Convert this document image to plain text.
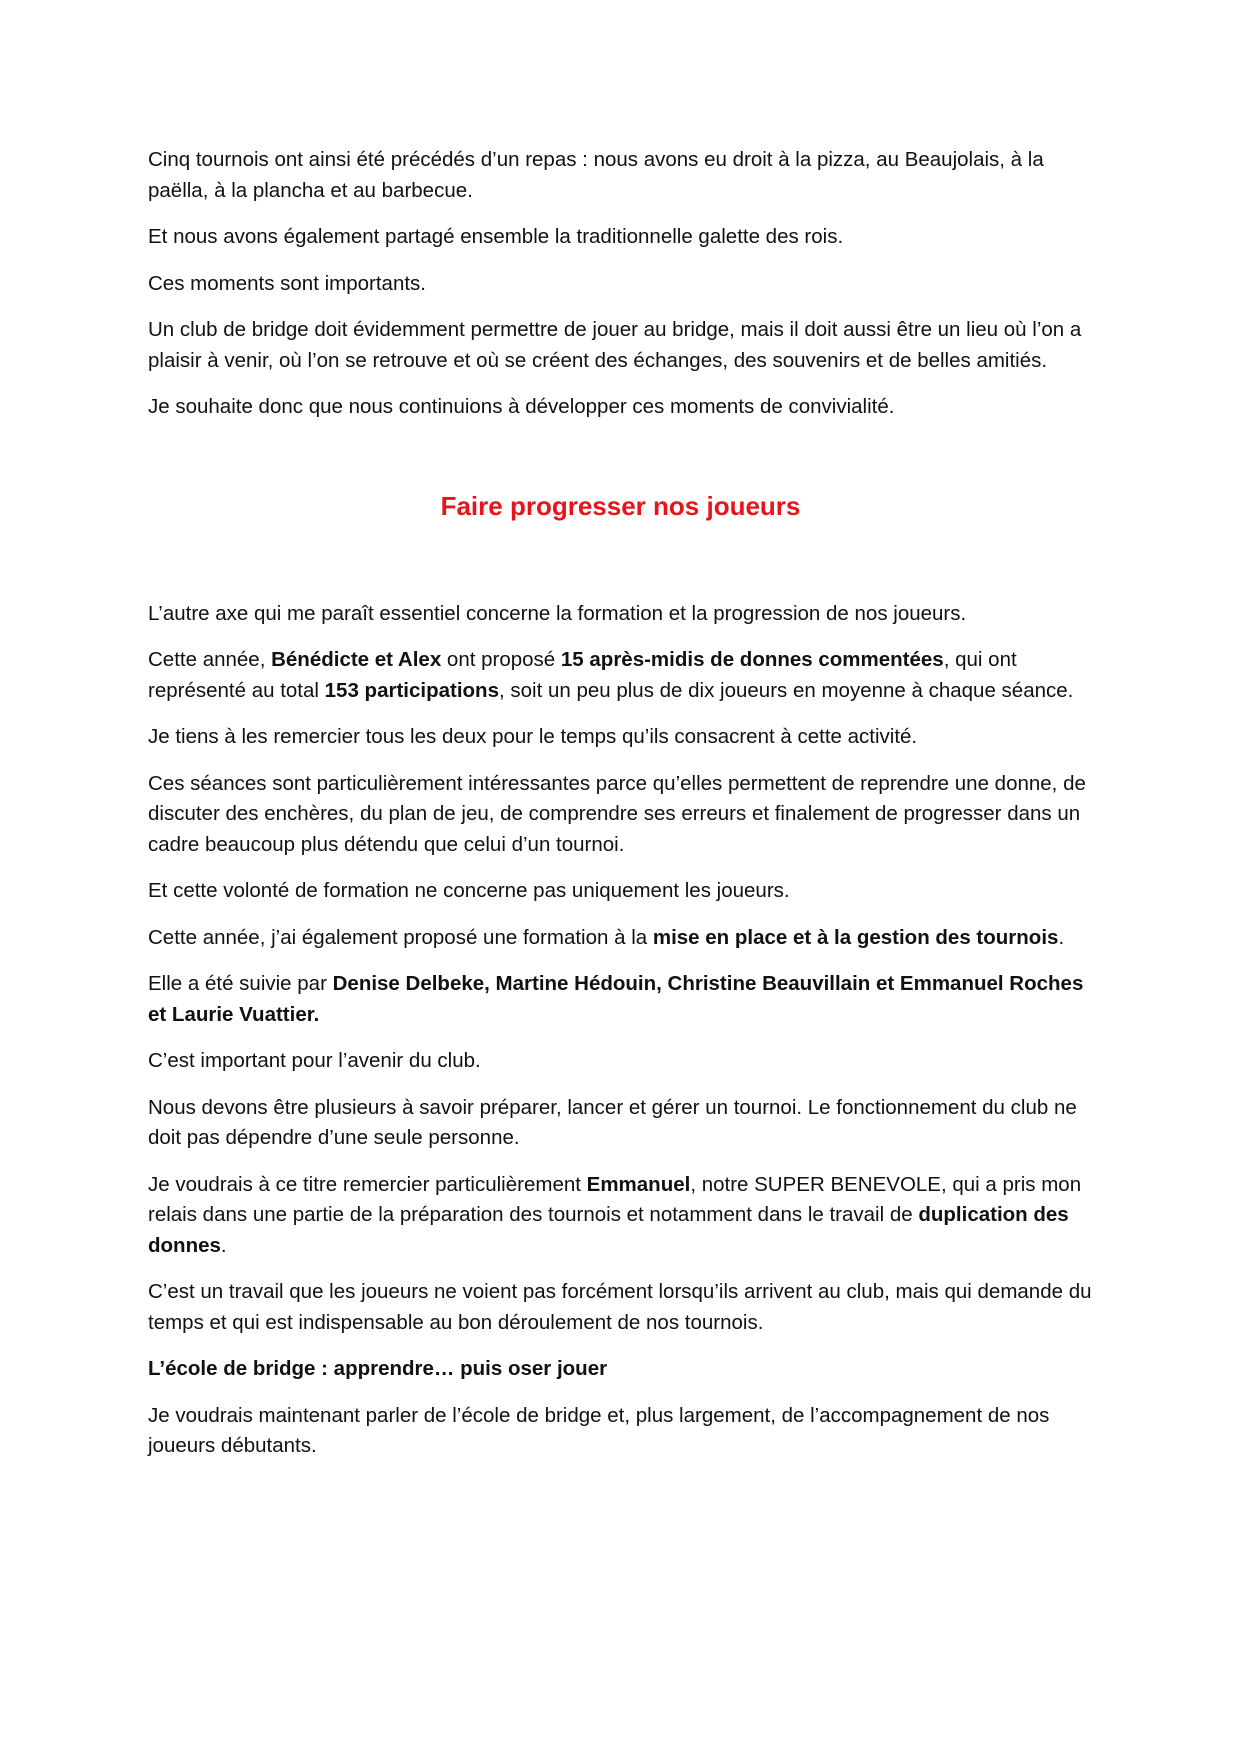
Cinq tournois ont ainsi été précédés d’un repas : nous avons eu droit à la pizza, au Beaujolais, à la paëlla, à la plancha et au barbecue.

Et nous avons également partagé ensemble la traditionnelle galette des rois.

Ces moments sont importants.

Un club de bridge doit évidemment permettre de jouer au bridge, mais il doit aussi être un lieu où l’on a plaisir à venir, où l’on se retrouve et où se créent des échanges, des souvenirs et de belles amitiés.

Je souhaite donc que nous continuions à développer ces moments de convivialité.

Faire progresser nos joueurs

L’autre axe qui me paraît essentiel concerne la formation et la progression de nos joueurs.

Cette année, Bénédicte et Alex ont proposé 15 après-midis de donnes commentées, qui ont représenté au total 153 participations, soit un peu plus de dix joueurs en moyenne à chaque séance.

Je tiens à les remercier tous les deux pour le temps qu’ils consacrent à cette activité.

Ces séances sont particulièrement intéressantes parce qu’elles permettent de reprendre une donne, de discuter des enchères, du plan de jeu, de comprendre ses erreurs et finalement de progresser dans un cadre beaucoup plus détendu que celui d’un tournoi.

Et cette volonté de formation ne concerne pas uniquement les joueurs.

Cette année, j’ai également proposé une formation à la mise en place et à la gestion des tournois.

Elle a été suivie par Denise Delbeke, Martine Hédouin, Christine Beauvillain et Emmanuel Roches et Laurie Vuattier.

C’est important pour l’avenir du club.

Nous devons être plusieurs à savoir préparer, lancer et gérer un tournoi. Le fonctionnement du club ne doit pas dépendre d’une seule personne.

Je voudrais à ce titre remercier particulièrement Emmanuel, notre SUPER BENEVOLE, qui a pris mon relais dans une partie de la préparation des tournois et notamment dans le travail de duplication des donnes.

C’est un travail que les joueurs ne voient pas forcément lorsqu’ils arrivent au club, mais qui demande du temps et qui est indispensable au bon déroulement de nos tournois.

L’école de bridge : apprendre… puis oser jouer

Je voudrais maintenant parler de l’école de bridge et, plus largement, de l’accompagnement de nos joueurs débutants.
